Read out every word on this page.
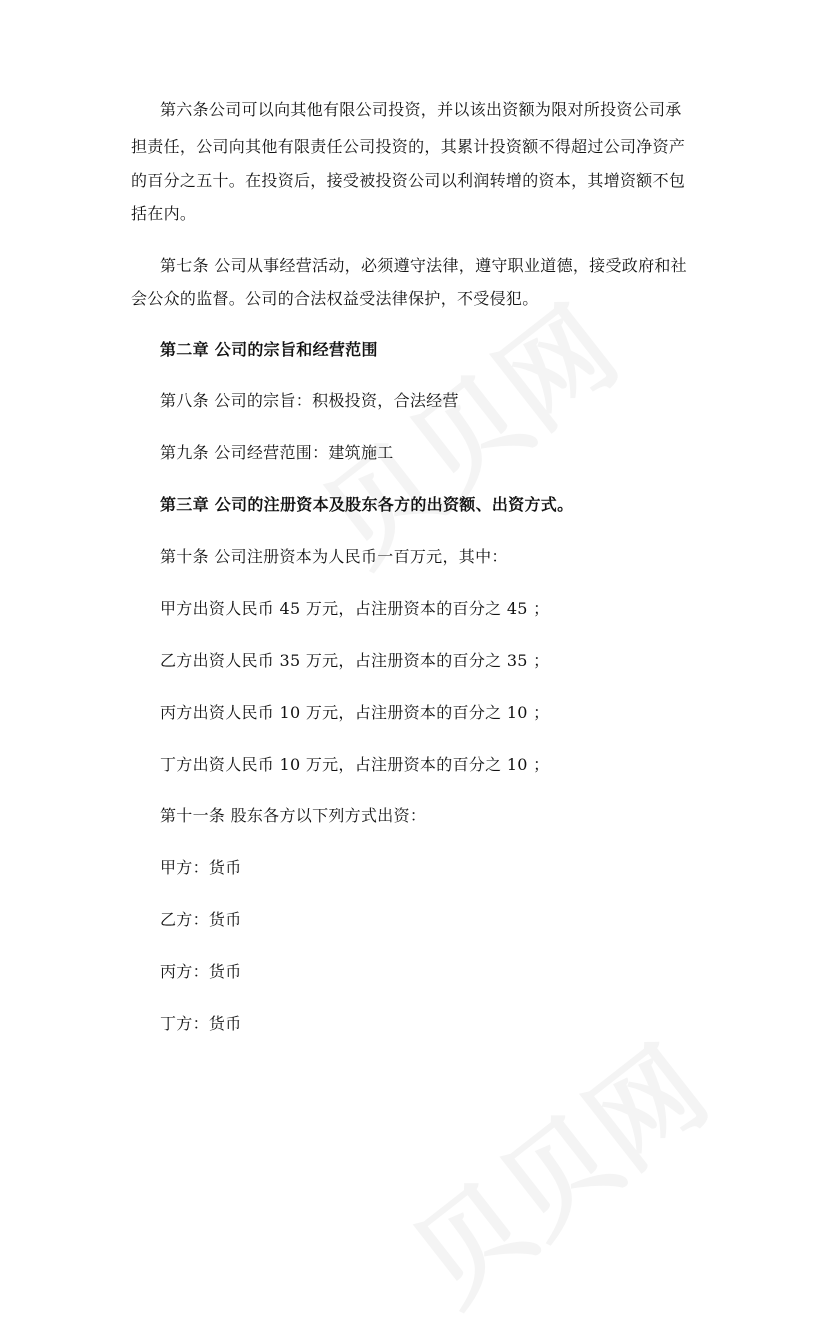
第六条公司可以向其他有限公司投资，并以该出资额为限对所投资公司承
担责任，公司向其他有限责任公司投资的，其累计投资额不得超过公司净资产
的百分之五十。在投资后，接受被投资公司以利润转增的资本，其增资额不包
括在内。
第七条 公司从事经营活动，必须遵守法律，遵守职业道德，接受政府和社
会公众的监督。公司的合法权益受法律保护，不受侵犯。
第二章 公司的宗旨和经营范围
第八条 公司的宗旨：积极投资，合法经营
第九条 公司经营范围：建筑施工
第三章 公司的注册资本及股东各方的出资额、出资方式。
第十条 公司注册资本为人民币一百万元，其中：
甲方出资人民币 45 万元，占注册资本的百分之 45 ；
乙方出资人民币 35 万元，占注册资本的百分之 35 ；
丙方出资人民币 10 万元，占注册资本的百分之 10 ；
丁方出资人民币 10 万元，占注册资本的百分之 10 ；
第十一条 股东各方以下列方式出资：
甲方：货币
乙方：货币
丙方：货币
丁方：货币
